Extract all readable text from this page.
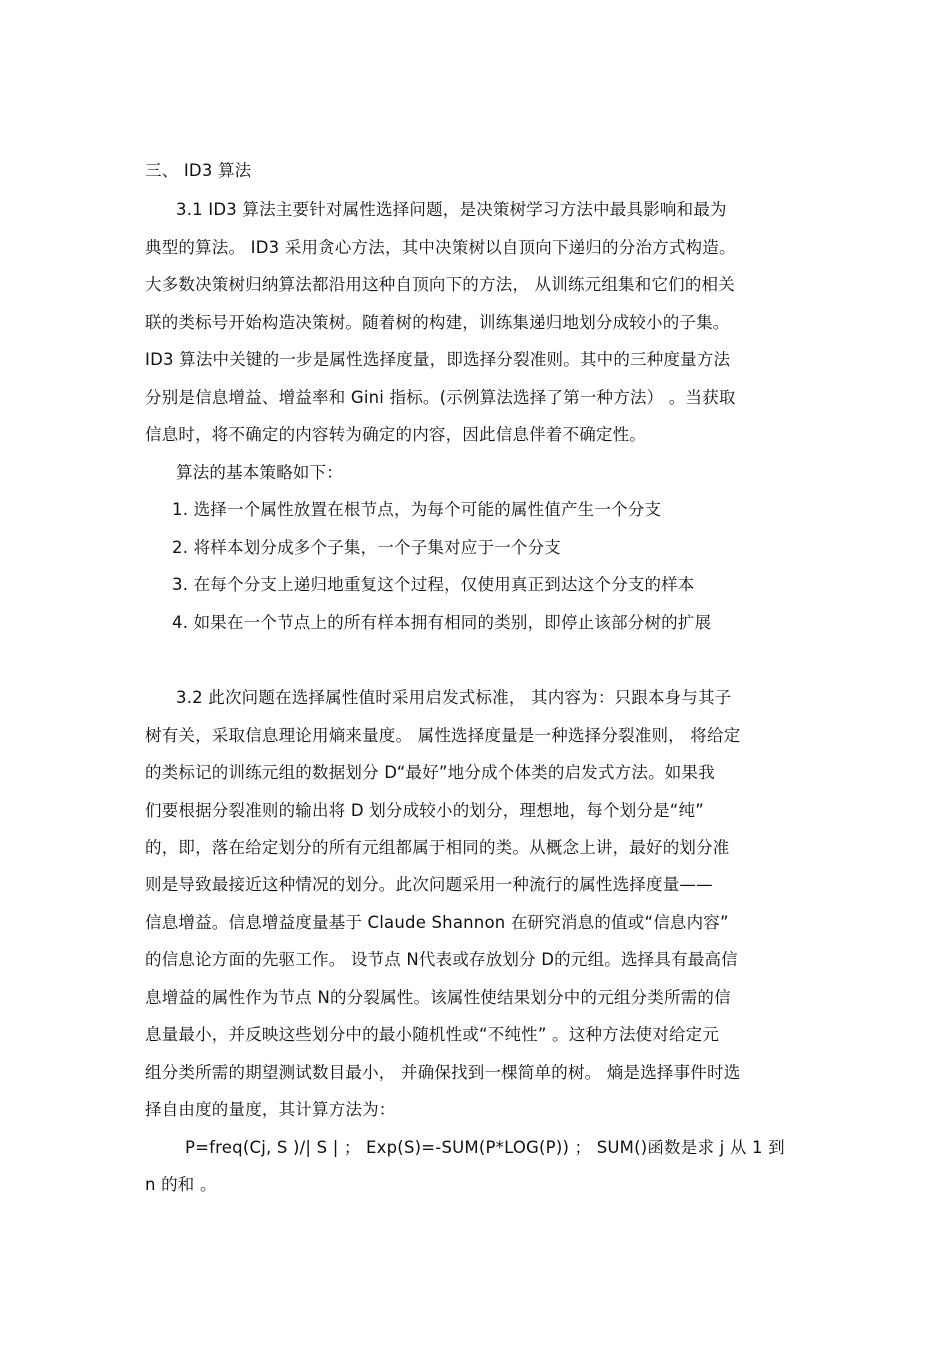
三、 ID3 算法
3.1 ID3 算法主要针对属性选择问题，是决策树学习方法中最具影响和最为
典型的算法。 ID3 采用贪心方法，其中决策树以自顶向下递归的分治方式构造。
大多数决策树归纳算法都沿用这种自顶向下的方法， 从训练元组集和它们的相关
联的类标号开始构造决策树。随着树的构建，训练集递归地划分成较小的子集。
ID3 算法中关键的一步是属性选择度量，即选择分裂准则。其中的三种度量方法
分别是信息增益、增益率和 Gini 指标。(示例算法选择了第一种方法） 。当获取
信息时，将不确定的内容转为确定的内容，因此信息伴着不确定性。
算法的基本策略如下：
1. 选择一个属性放置在根节点，为每个可能的属性值产生一个分支
2. 将样本划分成多个子集，一个子集对应于一个分支
3. 在每个分支上递归地重复这个过程，仅使用真正到达这个分支的样本
4. 如果在一个节点上的所有样本拥有相同的类别，即停止该部分树的扩展
3.2 此次问题在选择属性值时采用启发式标准， 其内容为：只跟本身与其子
树有关，采取信息理论用熵来量度。 属性选择度量是一种选择分裂准则， 将给定
的类标记的训练元组的数据划分 D“最好”地分成个体类的启发式方法。如果我
们要根据分裂准则的输出将 D 划分成较小的划分，理想地，每个划分是“纯”
的，即，落在给定划分的所有元组都属于相同的类。从概念上讲，最好的划分准
则是导致最接近这种情况的划分。此次问题采用一种流行的属性选择度量——
信息增益。信息增益度量基于 Claude Shannon 在研究消息的值或“信息内容”
的信息论方面的先驱工作。 设节点 N代表或存放划分 D的元组。选择具有最高信
息增益的属性作为节点 N的分裂属性。该属性使结果划分中的元组分类所需的信
息量最小，并反映这些划分中的最小随机性或“不纯性” 。这种方法使对给定元
组分类所需的期望测试数目最小， 并确保找到一棵简单的树。 熵是选择事件时选
择自由度的量度，其计算方法为：
P=freq(Cj, S )/| S | ； Exp(S)=-SUM(P*LOG(P)) ； SUM()函数是求 j 从 1 到
n 的和 。
